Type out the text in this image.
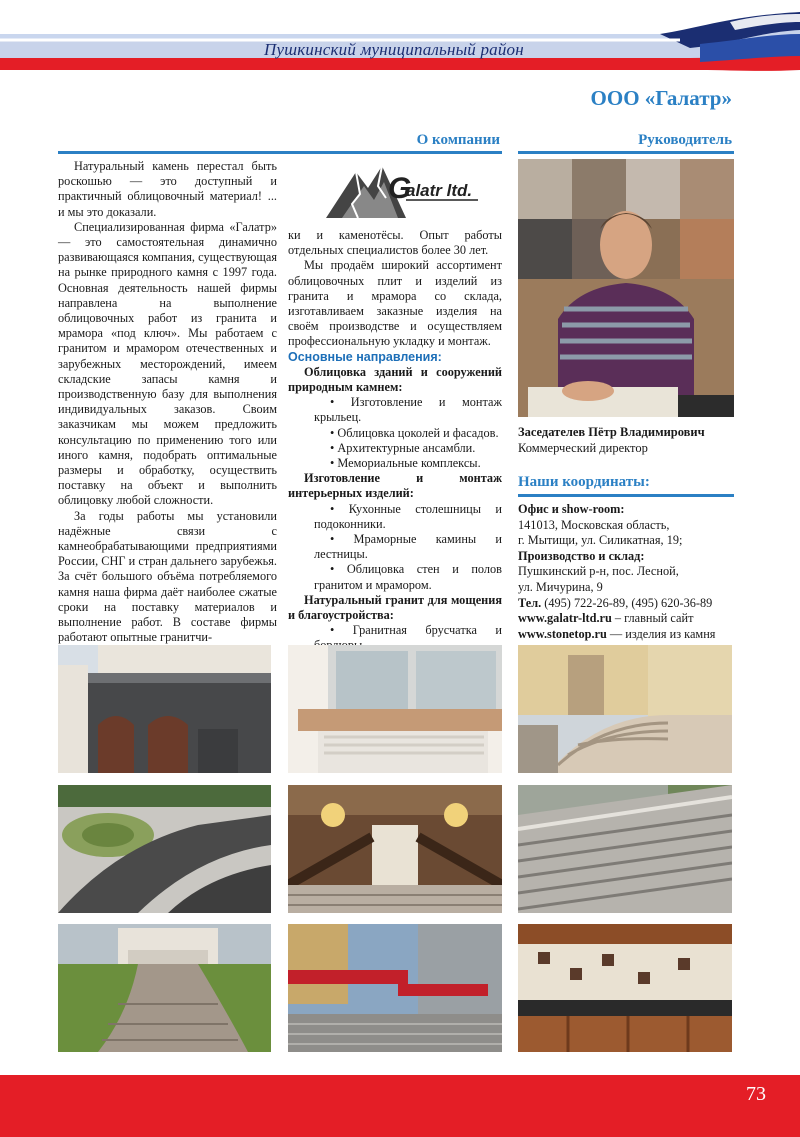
Пушкинский муниципальный район
ООО «Галатр»
О компании	Руководитель

Натуральный камень перестал быть роскошью — это доступный и практичный облицовочный материал! ... и мы это доказали.

Специализированная фирма «Галатр» — это самостоятельная динамично развивающаяся компания, существующая на рынке природного камня с 1997 года. Основная деятельность нашей фирмы направлена на выполнение облицовочных работ из гранита и мрамора «под ключ». Мы работаем с гранитом и мрамором отечественных и зарубежных месторождений, имеем складские запасы камня и производственную базу для выполнения индивидуальных заказов. Своим заказчикам мы можем предложить консультацию по применению того или иного камня, подобрать оптимальные размеры и обработку, осуществить поставку на объект и выполнить облицовку любой сложности.

За годы работы мы установили надёжные связи с камнеобрабатывающими предприятиями России, СНГ и стран дальнего зарубежья. За счёт большого объёма потребляемого камня наша фирма даёт наиболее сжатые сроки на поставку материалов и выполнение работ. В составе фирмы работают опытные гранитчи-

G
alatr ltd.

ки и каменотёсы. Опыт работы отдельных специалистов более 30 лет.

Мы продаём широкий ассортимент облицовочных плит и изделий из гранита и мрамора со склада, изготавливаем заказные изделия на своём производстве и осуществляем профессиональную укладку и монтаж.

Основные направления:

Облицовка зданий и сооружений природным камнем:

• Изготовление и монтаж крыльец.

• Облицовка цоколей и фасадов.

• Архитектурные ансамбли.

• Мемориальные комплексы.

Изготовление и монтаж интерьерных изделий:

• Кухонные столешницы и подоконники.

• Мраморные камины и лестницы.

• Облицовка стен и полов гранитом и мрамором.

Натуральный гранит для мощения и благоустройства:

• Гранитная брусчатка и

•

•

Заседателев Пётр Владимирович
Коммерческий директор
Наши координаты:
Офис и show-room:
141013, Московская область,
г. Мытищи, ул. Силикатная, 19;
Производство и склад:
Пушкинский р-н, пос. Лесной,
ул. Мичурина, 9
Тел. (495) 722-26-89, (495) 620-36-89
www.galatr-ltd.ru – главный сайт
www.stonetop.ru — изделия из камня
73
